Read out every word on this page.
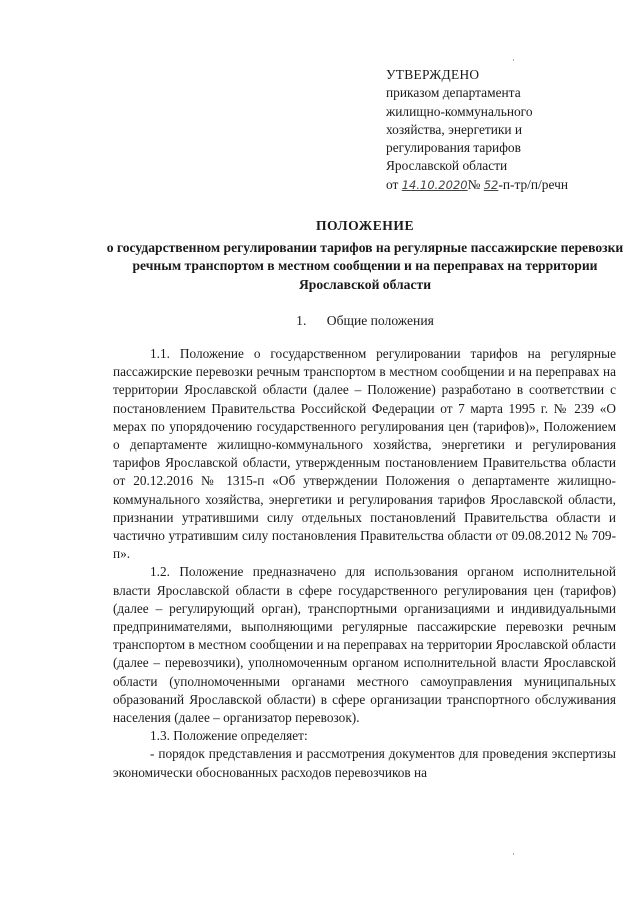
·
УТВЕРЖДЕНО
приказом департамента
жилищно-коммунального
хозяйства, энергетики и
регулирования тарифов
Ярославской области
от 14.10.2020№ 52-п-тр/п/речн
ПОЛОЖЕНИЕ
о государственном регулировании тарифов на регулярные пассажирские перевозки речным транспортом в местном сообщении и на переправах на территории Ярославской области
1. Общие положения

1.1. Положение о государственном регулировании тарифов на регулярные пассажирские перевозки речным транспортом в местном сообщении и на переправах на территории Ярославской области (далее – Положение) разработано в соответствии с постановлением Правительства Российской Федерации от 7 марта 1995 г. № 239 «О мерах по упорядочению государственного регулирования цен (тарифов)», Положением о департаменте жилищно-коммунального хозяйства, энергетики и регулирования тарифов Ярославской области, утвержденным постановлением Правительства области от 20.12.2016 № 1315-п «Об утверждении Положения о департаменте жилищно-коммунального хозяйства, энергетики и регулирования тарифов Ярославской области, признании утратившими силу отдельных постановлений Правительства области и частично утратившим силу постановления Правительства области от 09.08.2012 № 709-п».

1.2. Положение предназначено для использования органом исполнительной власти Ярославской области в сфере государственного регулирования цен (тарифов) (далее – регулирующий орган), транспортными организациями и индивидуальными предпринимателями, выполняющими регулярные пассажирские перевозки речным транспортом в местном сообщении и на переправах на территории Ярославской области (далее – перевозчики), уполномоченным органом исполнительной власти Ярославской области (уполномоченными органами местного самоуправления муниципальных образований Ярославской области) в сфере организации транспортного обслуживания населения (далее – организатор перевозок).

1.3. Положение определяет:

- порядок представления и рассмотрения документов для проведения экспертизы экономически обоснованных расходов перевозчиков на

·
